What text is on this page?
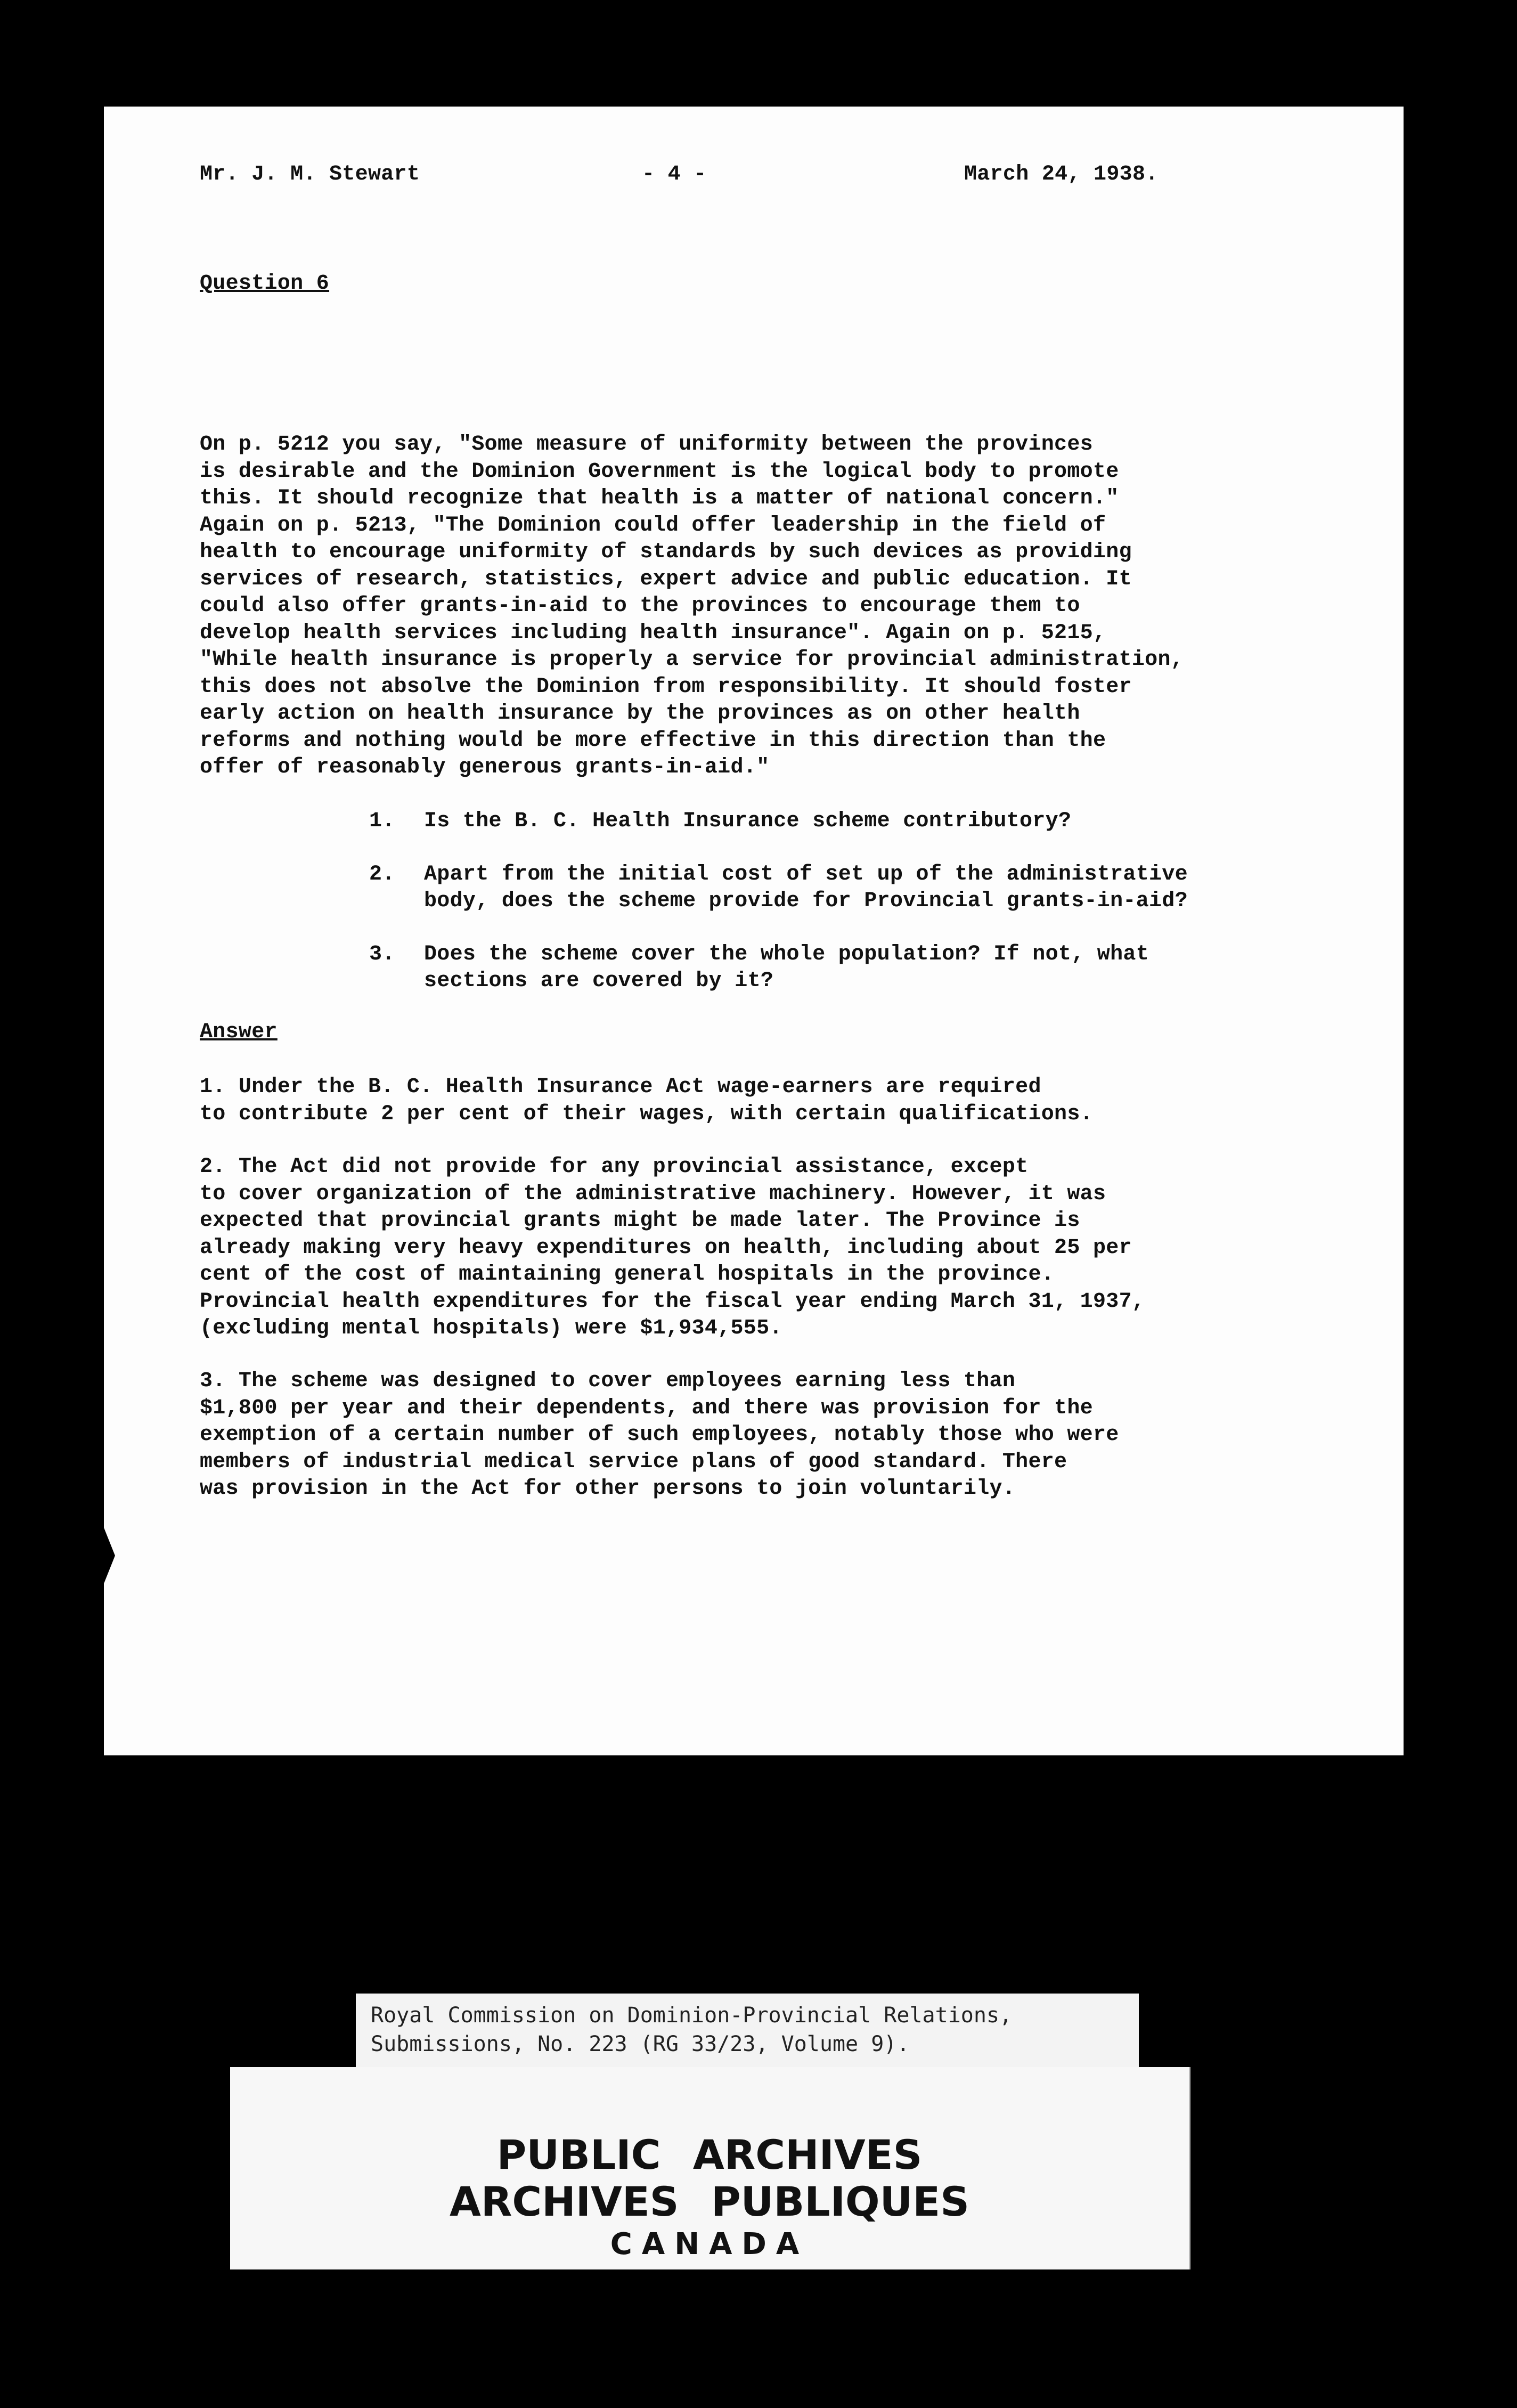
Mr. J. M. Stewart	- 4 -	March 24, 1938.
Question 6
On p. 5212 you say, "Some measure of uniformity between the provinces
is desirable and the Dominion Government is the logical body to promote
this. It should recognize that health is a matter of national concern."
Again on p. 5213, "The Dominion could offer leadership in the field of
health to encourage uniformity of standards by such devices as providing
services of research, statistics, expert advice and public education. It
could also offer grants-in-aid to the provinces to encourage them to
develop health services including health insurance". Again on p. 5215,
"While health insurance is properly a service for provincial administration,
this does not absolve the Dominion from responsibility. It should foster
early action on health insurance by the provinces as on other health
reforms and nothing would be more effective in this direction than the
offer of reasonably generous grants-in-aid."
1. Is the B. C. Health Insurance scheme contributory?
2. Apart from the initial cost of set up of the administrative
body, does the scheme provide for Provincial grants-in-aid?
3. Does the scheme cover the whole population? If not, what
sections are covered by it?
Answer
1. Under the B. C. Health Insurance Act wage-earners are required
to contribute 2 per cent of their wages, with certain qualifications.
2. The Act did not provide for any provincial assistance, except
to cover organization of the administrative machinery. However, it was
expected that provincial grants might be made later. The Province is
already making very heavy expenditures on health, including about 25 per
cent of the cost of maintaining general hospitals in the province.
Provincial health expenditures for the fiscal year ending March 31, 1937,
(excluding mental hospitals) were $1,934,555.
3. The scheme was designed to cover employees earning less than
$1,800 per year and their dependents, and there was provision for the
exemption of a certain number of such employees, notably those who were
members of industrial medical service plans of good standard. There
was provision in the Act for other persons to join voluntarily.
Royal Commission on Dominion-Provincial Relations,
Submissions, No. 223 (RG 33/23, Volume 9).
PUBLIC ARCHIVES
ARCHIVES PUBLIQUES
CANADA
